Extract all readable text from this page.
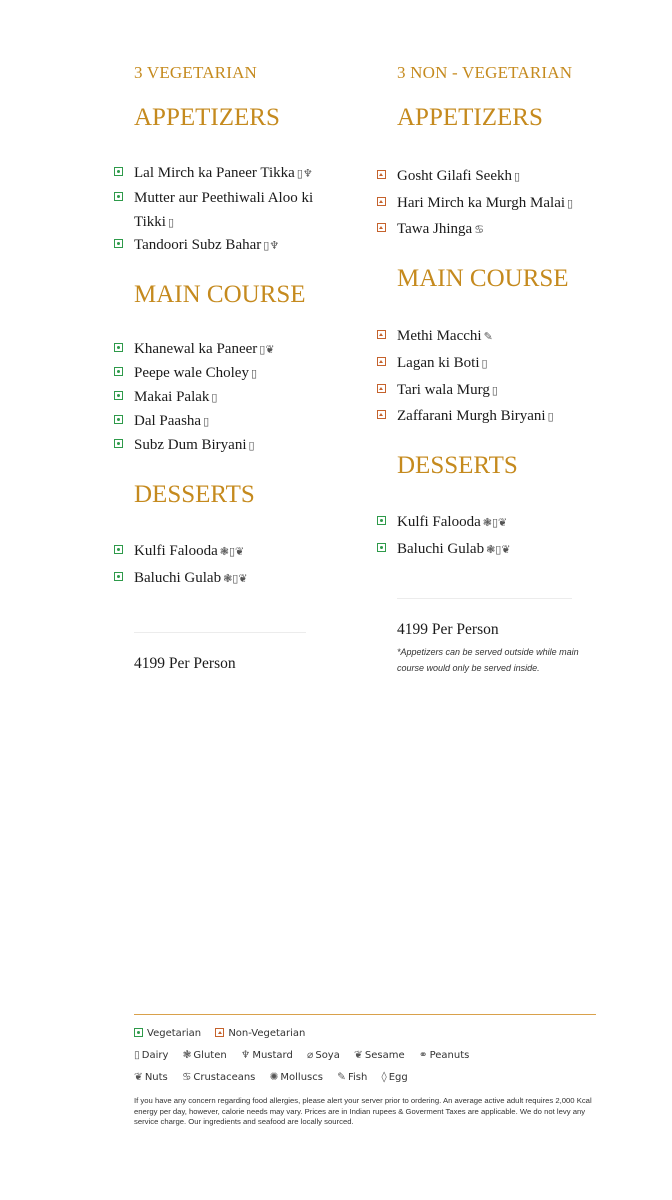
3 VEGETARIAN
APPETIZERS
Lal Mirch ka Paneer Tikka ▯♆
Mutter aur Peethiwali Aloo ki Tikki ▯
Tandoori Subz Bahar ▯♆
MAIN COURSE
Khanewal ka Paneer ▯❦
Peepe wale Choley ▯
Makai Palak ▯
Dal Paasha ▯
Subz Dum Biryani ▯
DESSERTS
Kulfi Falooda ❃▯❦
Baluchi Gulab ❃▯❦
4199 Per Person
3 NON - VEGETARIAN
APPETIZERS
Gosht Gilafi Seekh ▯
Hari Mirch ka Murgh Malai ▯
Tawa Jhinga ♋
MAIN COURSE
Methi Macchi ✎
Lagan ki Boti ▯
Tari wala Murg ▯
Zaffarani Murgh Biryani ▯
DESSERTS
Kulfi Falooda ❃▯❦
Baluchi Gulab ❃▯❦
4199 Per Person
*Appetizers can be served outside while main course would only be served inside.
Vegetarian	Non-Vegetarian
▯ Dairy ❃ Gluten ♆ Mustard ⌀ Soya ❦ Sesame ⚭ Peanuts
❦ Nuts ♋ Crustaceans ✺ Molluscs ✎ Fish ◊ Egg
If you have any concern regarding food allergies, please alert your server prior to ordering. An average active adult requires 2,000 Kcal energy per day, however, calorie needs may vary. Prices are in Indian rupees & Goverment Taxes are applicable. We do not levy any service charge. Our ingredients and seafood are locally sourced.
